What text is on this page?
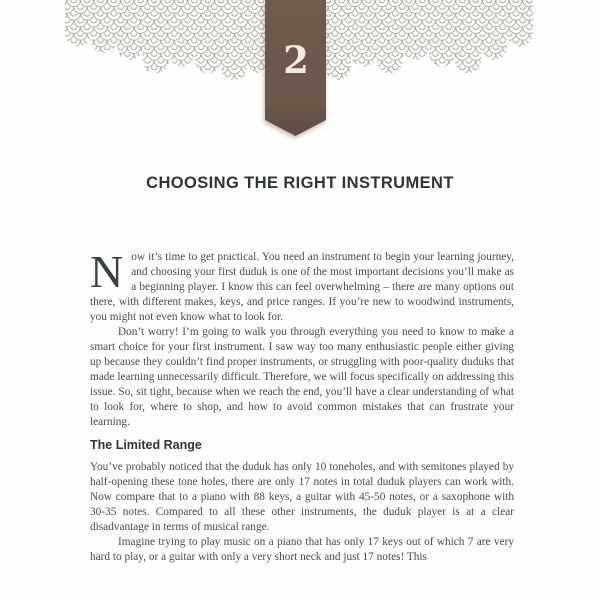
2
CHOOSING THE RIGHT INSTRUMENT

Now it’s time to get practical. You need an instrument to begin your learning journey, and choosing your first duduk is one of the most important decisions you’ll make as a beginning player. I know this can feel overwhelming – there are many options out there, with different makes, keys, and price ranges. If you’re new to woodwind instruments, you might not even know what to look for.

Don’t worry! I’m going to walk you through everything you need to know to make a smart choice for your first instrument. I saw way too many enthusiastic people either giving up because they couldn’t find proper instruments, or struggling with poor-quality duduks that made learning unnecessarily difficult. Therefore, we will focus specifically on addressing this issue. So, sit tight, because when we reach the end, you’ll have a clear understanding of what to look for, where to shop, and how to avoid common mistakes that can frustrate your learning.

The Limited Range

You’ve probably noticed that the duduk has only 10 toneholes, and with semitones played by half-opening these tone holes, there are only 17 notes in total duduk players can work with. Now compare that to a piano with 88 keys, a guitar with 45-50 notes, or a saxophone with 30-35 notes. Compared to all these other instruments, the duduk player is at a clear disadvantage in terms of musical range.

Imagine trying to play music on a piano that has only 17 keys out of which 7 are very hard to play, or a guitar with only a very short neck and just 17 notes! This
